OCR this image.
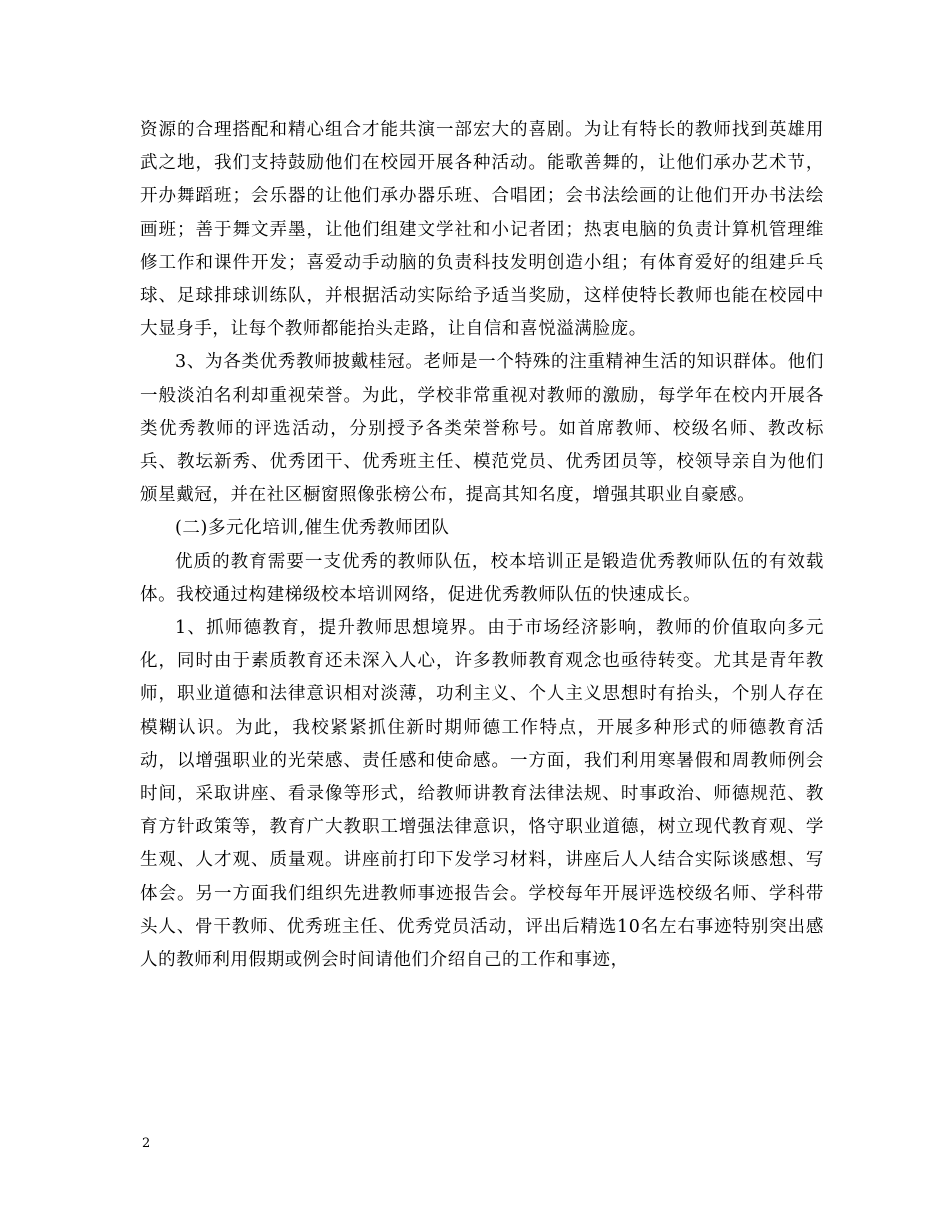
资源的合理搭配和精心组合才能共演一部宏大的喜剧。为让有特长的教师找到英雄用武之地，我们支持鼓励他们在校园开展各种活动。能歌善舞的，让他们承办艺术节，开办舞蹈班；会乐器的让他们承办器乐班、合唱团；会书法绘画的让他们开办书法绘画班；善于舞文弄墨，让他们组建文学社和小记者团；热衷电脑的负责计算机管理维修工作和课件开发；喜爱动手动脑的负责科技发明创造小组；有体育爱好的组建乒乓球、足球排球训练队，并根据活动实际给予适当奖励，这样使特长教师也能在校园中大显身手，让每个教师都能抬头走路，让自信和喜悦溢满脸庞。

3、为各类优秀教师披戴桂冠。老师是一个特殊的注重精神生活的知识群体。他们一般淡泊名利却重视荣誉。为此，学校非常重视对教师的激励，每学年在校内开展各类优秀教师的评选活动，分别授予各类荣誉称号。如首席教师、校级名师、教改标兵、教坛新秀、优秀团干、优秀班主任、模范党员、优秀团员等，校领导亲自为他们颁星戴冠，并在社区橱窗照像张榜公布，提高其知名度，增强其职业自豪感。

(二)多元化培训,催生优秀教师团队

优质的教育需要一支优秀的教师队伍，校本培训正是锻造优秀教师队伍的有效载体。我校通过构建梯级校本培训网络，促进优秀教师队伍的快速成长。

1、抓师德教育，提升教师思想境界。由于市场经济影响，教师的价值取向多元化，同时由于素质教育还未深入人心，许多教师教育观念也亟待转变。尤其是青年教师，职业道德和法律意识相对淡薄，功利主义、个人主义思想时有抬头，个别人存在模糊认识。为此，我校紧紧抓住新时期师德工作特点，开展多种形式的师德教育活动，以增强职业的光荣感、责任感和使命感。一方面，我们利用寒暑假和周教师例会时间，采取讲座、看录像等形式，给教师讲教育法律法规、时事政治、师德规范、教育方针政策等，教育广大教职工增强法律意识，恪守职业道德，树立现代教育观、学生观、人才观、质量观。讲座前打印下发学习材料，讲座后人人结合实际谈感想、写体会。另一方面我们组织先进教师事迹报告会。学校每年开展评选校级名师、学科带头人、骨干教师、优秀班主任、优秀党员活动，评出后精选10名左右事迹特别突出感人的教师利用假期或例会时间请他们介绍自己的工作和事迹，

2
